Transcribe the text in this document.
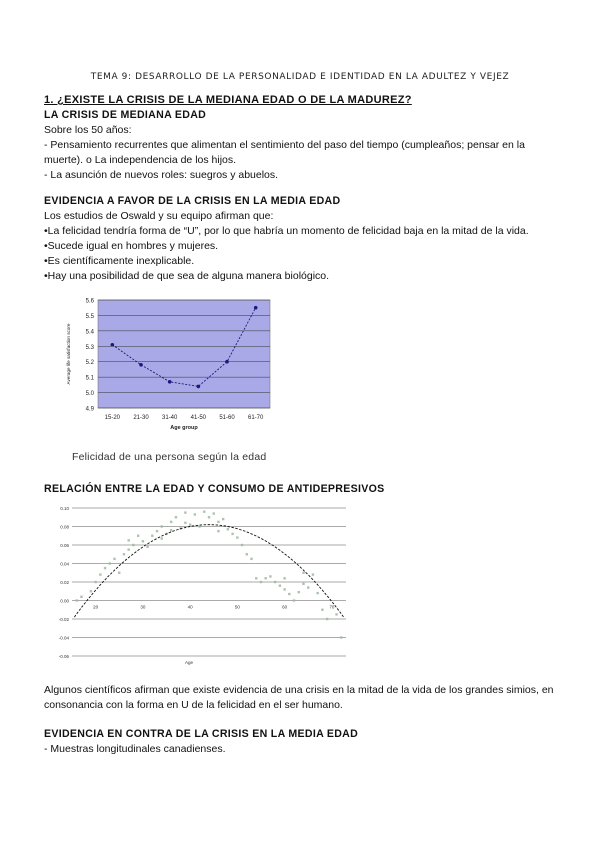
TEMA 9: DESARROLLO DE LA PERSONALIDAD E IDENTIDAD EN LA ADULTEZ Y VEJEZ
1. ¿EXISTE LA CRISIS DE LA MEDIANA EDAD O DE LA MADUREZ?
LA CRISIS DE MEDIANA EDAD

Sobre los 50 años:

- Pensamiento recurrentes que alimentan el sentimiento del paso del tiempo (cumpleaños; pensar en la muerte). o La independencia de los hijos.

- La asunción de nuevos roles: suegros y abuelos.

EVIDENCIA A FAVOR DE LA CRISIS EN LA MEDIA EDAD

Los estudios de Oswald y su equipo afirman que:

•La felicidad tendría forma de “U”, por lo que habría un momento de felicidad baja en la mitad de la vida.

•Sucede igual en hombres y mujeres.

•Es científicamente inexplicable.

•Hay una posibilidad de que sea de alguna manera biológico.

4.9
5.0
5.1
5.2
5.3
5.4
5.5
5.6
15-20 21-30 31-40 41-50 51-60 61-70
Age group
Average life satisfaction score
Felicidad de una persona según la edad
RELACIÓN ENTRE LA EDAD Y CONSUMO DE ANTIDEPRESIVOS
-0.06
-0.04
-0.02
0.00
0.02
0.04
0.06
0.08
0.10
20	30	40	50	60	70
Age

Algunos científicos afirman que existe evidencia de una crisis en la mitad de la vida de los grandes simios, en consonancia con la forma en U de la felicidad en el ser humano.

EVIDENCIA EN CONTRA DE LA CRISIS EN LA MEDIA EDAD

- Muestras longitudinales canadienses.
